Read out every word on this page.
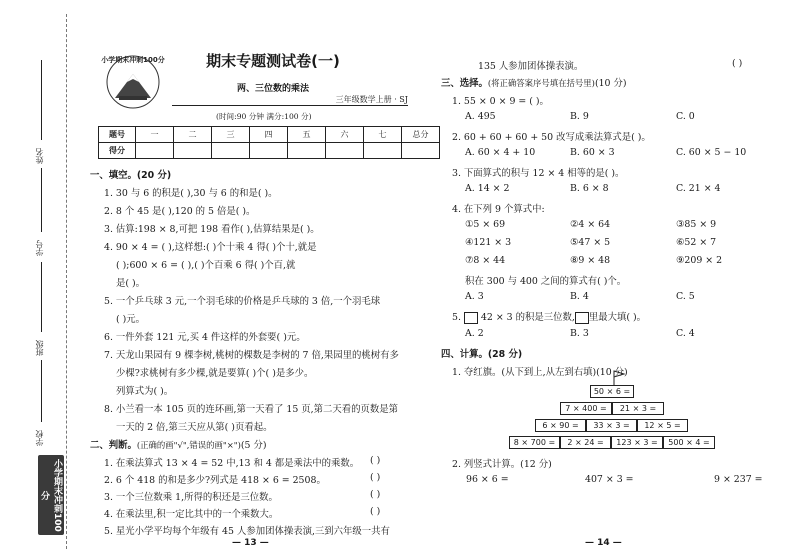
姓名
学号
班级
学校
小学期末冲刺100分
小学期末冲刺100分	期末专题测试卷(一)
两、三位数的乘法
三年级数学上册 · SJ
(时间:90 分钟 满分:100 分)
题号	一	二	三	四	五	六	七	总分
得分								
一、填空。(20 分)
1. 30 与 6 的积是( ),30 与 6 的和是( )。
2. 8 个 45 是( ),120 的 5 倍是( )。
3. 估算:198 × 8,可把 198 看作( ),估算结果是( )。
4. 90 × 4 = ( ),这样想:( )个十乘 4 得( )个十,就是
( );600 × 6 = ( ),( )个百乘 6 得( )个百,就
是( )。
5. 一个乒乓球 3 元,一个羽毛球的价格是乒乓球的 3 倍,一个羽毛球
( )元。
6. 一件外套 121 元,买 4 件这样的外套要( )元。
7. 天龙山果园有 9 棵李树,桃树的棵数是李树的 7 倍,果园里的桃树有多
少棵?求桃树有多少棵,就是要算( )个( )是多少。
列算式为( )。
8. 小兰看一本 105 页的连环画,第一天看了 15 页,第二天看的页数是第
一天的 2 倍,第三天应从第( )页看起。
二、判断。(正确的画"√",错误的画"×")(5 分)
1. 在乘法算式 13 × 4 = 52 中,13 和 4 都是乘法中的乘数。 ( )
2. 6 个 418 的和是多少?列式是 418 × 6 = 2508。	( )
3. 一个三位数乘 1,所得的积还是三位数。	( )
4. 在乘法里,积一定比其中的一个乘数大。	( )
5. 星光小学平均每个年级有 45 人参加团体操表演,三到六年级一共有
— 13 —
135 人参加团体操表演。	( )
三、选择。(将正确答案序号填在括号里)(10 分)
1. 55 × 0 × 9 = ( )。
A. 495	B. 9	C. 0
2. 60 + 60 + 60 + 50 改写成乘法算式是( )。
A. 60 × 4 + 10	B. 60 × 3	C. 60 × 5 − 10
3. 下面算式的积与 12 × 4 相等的是( )。
A. 14 × 2	B. 6 × 8	C. 21 × 4
4. 在下列 9 个算式中:
①5 × 69	②4 × 64	③85 × 9
④121 × 3	⑤47 × 5	⑥52 × 7
⑦8 × 44	⑧9 × 48	⑨209 × 2
积在 300 与 400 之间的算式有( )个。
A. 3	B. 4	C. 5
5. 42 × 3 的积是三位数, 里最大填( )。
A. 2	B. 3	C. 4
四、计算。(28 分)
1. 夺红旗。(从下到上,从左到右填)(10 分)
50 × 6 =
7 × 400 =	21 × 3 =
6 × 90 =	33 × 3 =	12 × 5 =
8 × 700 =	2 × 24 =	123 × 3 =	500 × 4 =
2. 列竖式计算。(12 分)
96 × 6 =	407 × 3 =	9 × 237 =
— 14 —
